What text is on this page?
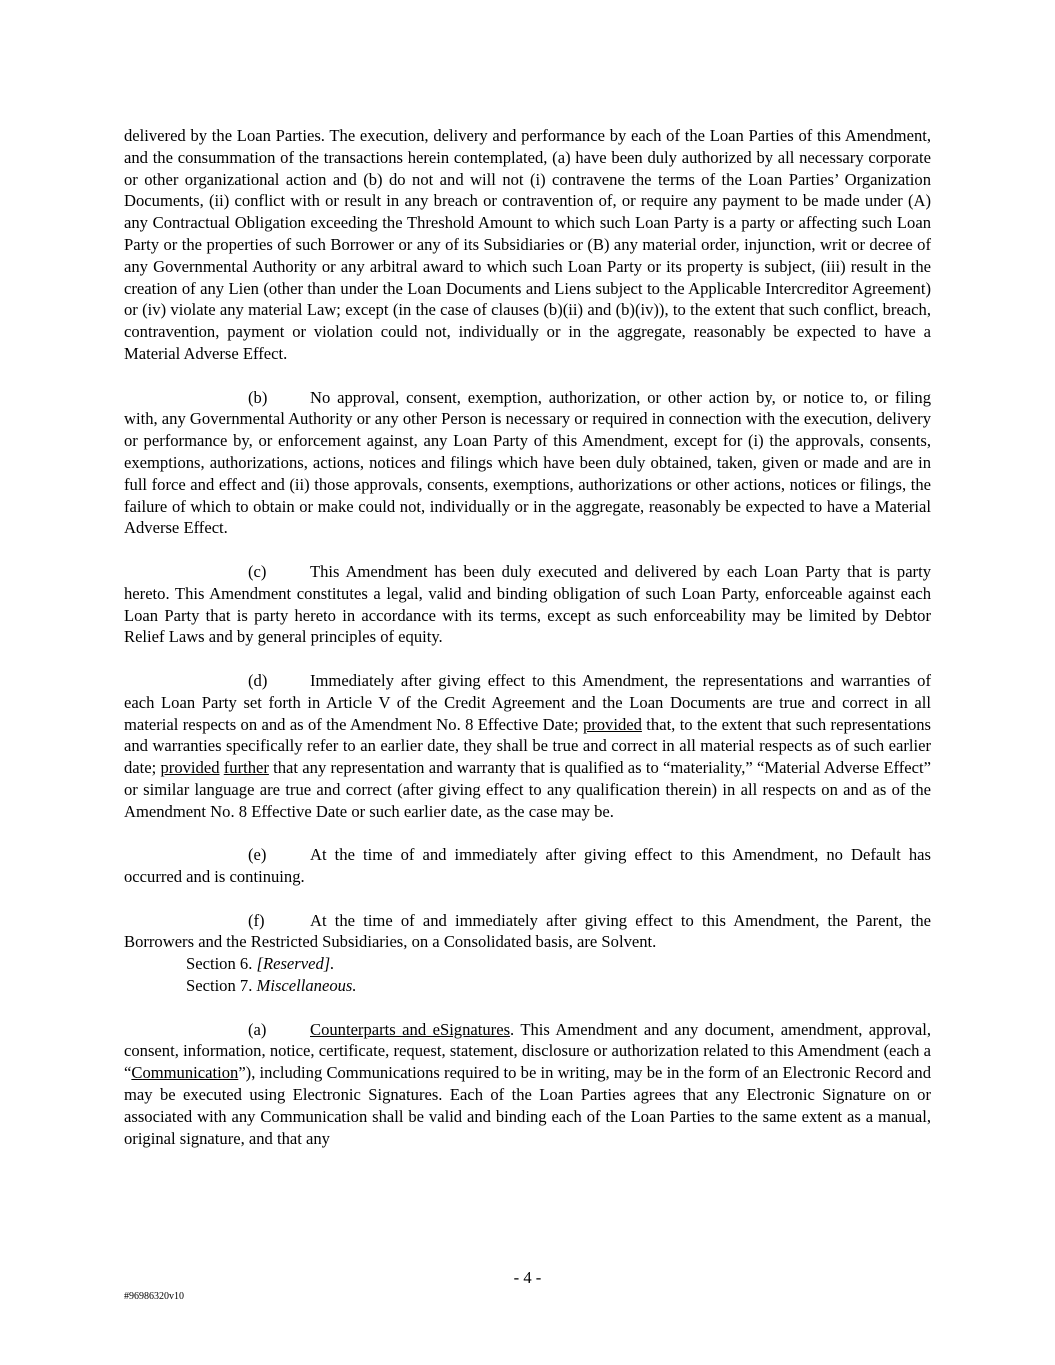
delivered by the Loan Parties. The execution, delivery and performance by each of the Loan Parties of this Amendment, and the consummation of the transactions herein contemplated, (a) have been duly authorized by all necessary corporate or other organizational action and (b) do not and will not (i) contravene the terms of the Loan Parties’ Organization Documents, (ii) conflict with or result in any breach or contravention of, or require any payment to be made under (A) any Contractual Obligation exceeding the Threshold Amount to which such Loan Party is a party or affecting such Loan Party or the properties of such Borrower or any of its Subsidiaries or (B) any material order, injunction, writ or decree of any Governmental Authority or any arbitral award to which such Loan Party or its property is subject, (iii) result in the creation of any Lien (other than under the Loan Documents and Liens subject to the Applicable Intercreditor Agreement) or (iv) violate any material Law; except (in the case of clauses (b)(ii) and (b)(iv)), to the extent that such conflict, breach, contravention, payment or violation could not, individually or in the aggregate, reasonably be expected to have a Material Adverse Effect.

(b)	No approval, consent, exemption, authorization, or other action by, or notice to, or filing with, any Governmental Authority or any other Person is necessary or required in connection with the execution, delivery or performance by, or enforcement against, any Loan Party of this Amendment, except for (i) the approvals, consents, exemptions, authorizations, actions, notices and filings which have been duly obtained, taken, given or made and are in full force and effect and (ii) those approvals, consents, exemptions, authorizations or other actions, notices or filings, the failure of which to obtain or make could not, individually or in the aggregate, reasonably be expected to have a Material Adverse Effect.

(c)	This Amendment has been duly executed and delivered by each Loan Party that is party hereto. This Amendment constitutes a legal, valid and binding obligation of such Loan Party, enforceable against each Loan Party that is party hereto in accordance with its terms, except as such enforceability may be limited by Debtor Relief Laws and by general principles of equity.

(d)	Immediately after giving effect to this Amendment, the representations and warranties of each Loan Party set forth in Article V of the Credit Agreement and the Loan Documents are true and correct in all material respects on and as of the Amendment No. 8 Effective Date; provided that, to the extent that such representations and warranties specifically refer to an earlier date, they shall be true and correct in all material respects as of such earlier date; provided further that any representation and warranty that is qualified as to “materiality,” “Material Adverse Effect” or similar language are true and correct (after giving effect to any qualification therein) in all respects on and as of the Amendment No. 8 Effective Date or such earlier date, as the case may be.

(e)	At the time of and immediately after giving effect to this Amendment, no Default has occurred and is continuing.

(f)	At the time of and immediately after giving effect to this Amendment, the Parent, the Borrowers and the Restricted Subsidiaries, on a Consolidated basis, are Solvent.

Section 6. [Reserved].

Section 7. Miscellaneous.

(a)	Counterparts and eSignatures. This Amendment and any document, amendment, approval, consent, information, notice, certificate, request, statement, disclosure or authorization related to this Amendment (each a “Communication”), including Communications required to be in writing, may be in the form of an Electronic Record and may be executed using Electronic Signatures. Each of the Loan Parties agrees that any Electronic Signature on or associated with any Communication shall be valid and binding each of the Loan Parties to the same extent as a manual, original signature, and that any

- 4 -
#96986320v10
